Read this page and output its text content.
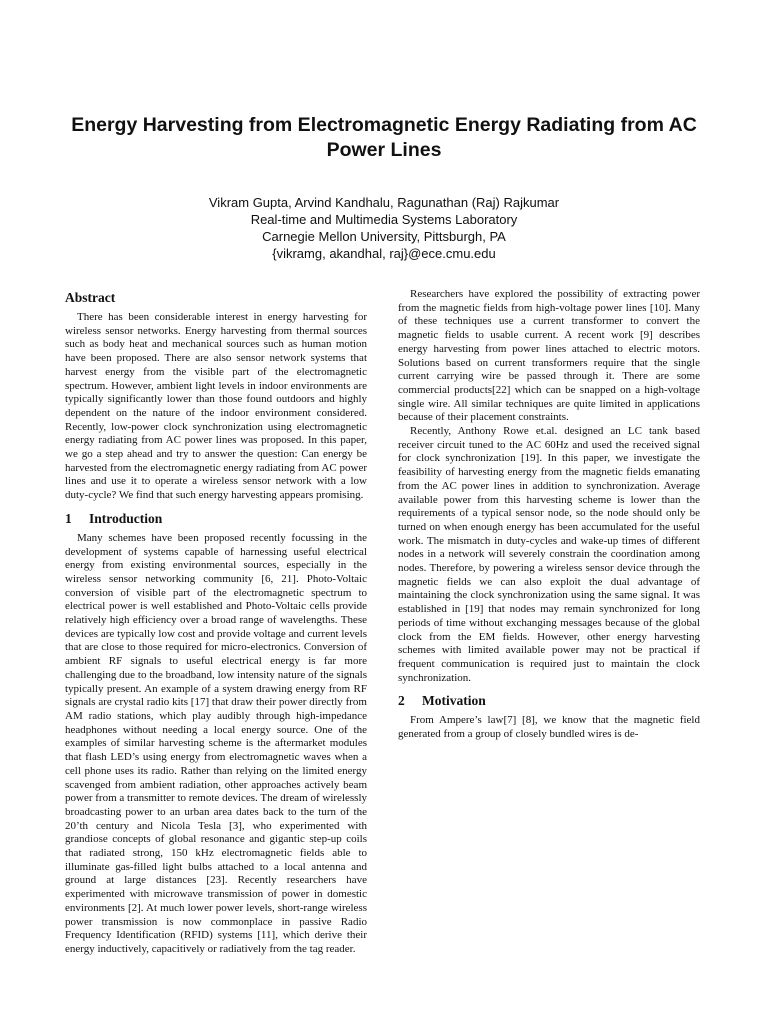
Energy Harvesting from Electromagnetic Energy Radiating from AC Power Lines
Vikram Gupta, Arvind Kandhalu, Ragunathan (Raj) Rajkumar
Real-time and Multimedia Systems Laboratory
Carnegie Mellon University, Pittsburgh, PA
{vikramg, akandhal, raj}@ece.cmu.edu
Abstract

There has been considerable interest in energy harvesting for wireless sensor networks. Energy harvesting from thermal sources such as body heat and mechanical sources such as human motion have been proposed. There are also sensor network systems that harvest energy from the visible part of the electromagnetic spectrum. However, ambient light levels in indoor environments are typically significantly lower than those found outdoors and highly dependent on the nature of the indoor environment considered. Recently, low-power clock synchronization using electromagnetic energy radiating from AC power lines was proposed. In this paper, we go a step ahead and try to answer the question: Can energy be harvested from the electromagnetic energy radiating from AC power lines and use it to operate a wireless sensor network with a low duty-cycle? We find that such energy harvesting appears promising.

1 Introduction

Many schemes have been proposed recently focussing in the development of systems capable of harnessing useful electrical energy from existing environmental sources, especially in the wireless sensor networking community [6, 21]. Photo-Voltaic conversion of visible part of the electromagnetic spectrum to electrical power is well established and Photo-Voltaic cells provide relatively high efficiency over a broad range of wavelengths. These devices are typically low cost and provide voltage and current levels that are close to those required for micro-electronics. Conversion of ambient RF signals to useful electrical energy is far more challenging due to the broadband, low intensity nature of the signals typically present. An example of a system drawing energy from RF signals are crystal radio kits [17] that draw their power directly from AM radio stations, which play audibly through high-impedance headphones without needing a local energy source. One of the examples of similar harvesting scheme is the aftermarket modules that flash LED’s using energy from electromagnetic waves when a cell phone uses its radio. Rather than relying on the limited energy scavenged from ambient radiation, other approaches actively beam power from a transmitter to remote devices. The dream of wirelessly broadcasting power to an urban area dates back to the turn of the 20’th century and Nicola Tesla [3], who experimented with grandiose concepts of global resonance and gigantic step-up coils that radiated strong, 150 kHz electromagnetic fields able to illuminate gas-filled light bulbs attached to a local antenna and ground at large distances [23]. Recently researchers have experimented with microwave transmission of power in domestic environments [2]. At much lower power levels, short-range wireless power transmission is now commonplace in passive Radio Frequency Identification (RFID) systems [11], which derive their energy inductively, capacitively or radiatively from the tag reader.

Researchers have explored the possibility of extracting power from the magnetic fields from high-voltage power lines [10]. Many of these techniques use a current transformer to convert the magnetic fields to usable current. A recent work [9] describes energy harvesting from power lines attached to electric motors. Solutions based on current transformers require that the single current carrying wire be passed through it. There are some commercial products[22] which can be snapped on a high-voltage single wire. All similar techniques are quite limited in applications because of their placement constraints.

Recently, Anthony Rowe et.al. designed an LC tank based receiver circuit tuned to the AC 60Hz and used the received signal for clock synchronization [19]. In this paper, we investigate the feasibility of harvesting energy from the magnetic fields emanating from the AC power lines in addition to synchronization. Average available power from this harvesting scheme is lower than the requirements of a typical sensor node, so the node should only be turned on when enough energy has been accumulated for the useful work. The mismatch in duty-cycles and wake-up times of different nodes in a network will severely constrain the coordination among nodes. Therefore, by powering a wireless sensor device through the magnetic fields we can also exploit the dual advantage of maintaining the clock synchronization using the same signal. It was established in [19] that nodes may remain synchronized for long periods of time without exchanging messages because of the global clock from the EM fields. However, other energy harvesting schemes with limited available power may not be practical if frequent communication is required just to maintain the clock synchronization.

2 Motivation

From Ampere’s law[7] [8], we know that the magnetic field generated from a group of closely bundled wires is de-
